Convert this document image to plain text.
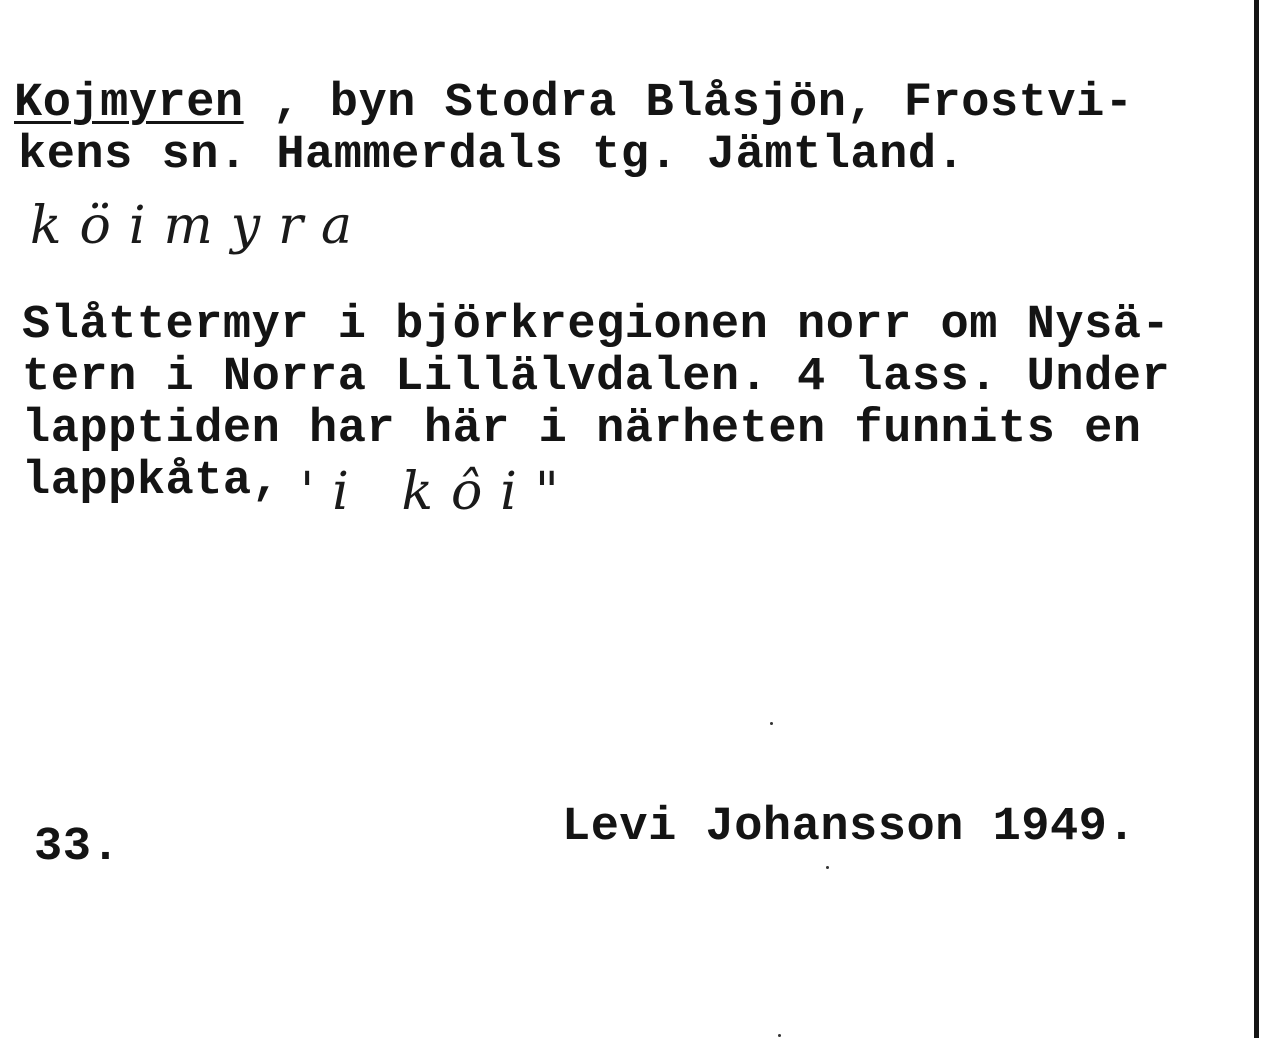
Kojmyren , byn Stodra Blåsjön, Frostvi-
kens sn. Hammerdals tg. Jämtland.
köimyra
Slåttermyr i björkregionen norr om Nysä-
tern i Norra Lillälvdalen. 4 lass. Under
lapptiden har här i närheten funnits en
lappkåta, 'i kôi"
33.	Levi Johansson 1949.
